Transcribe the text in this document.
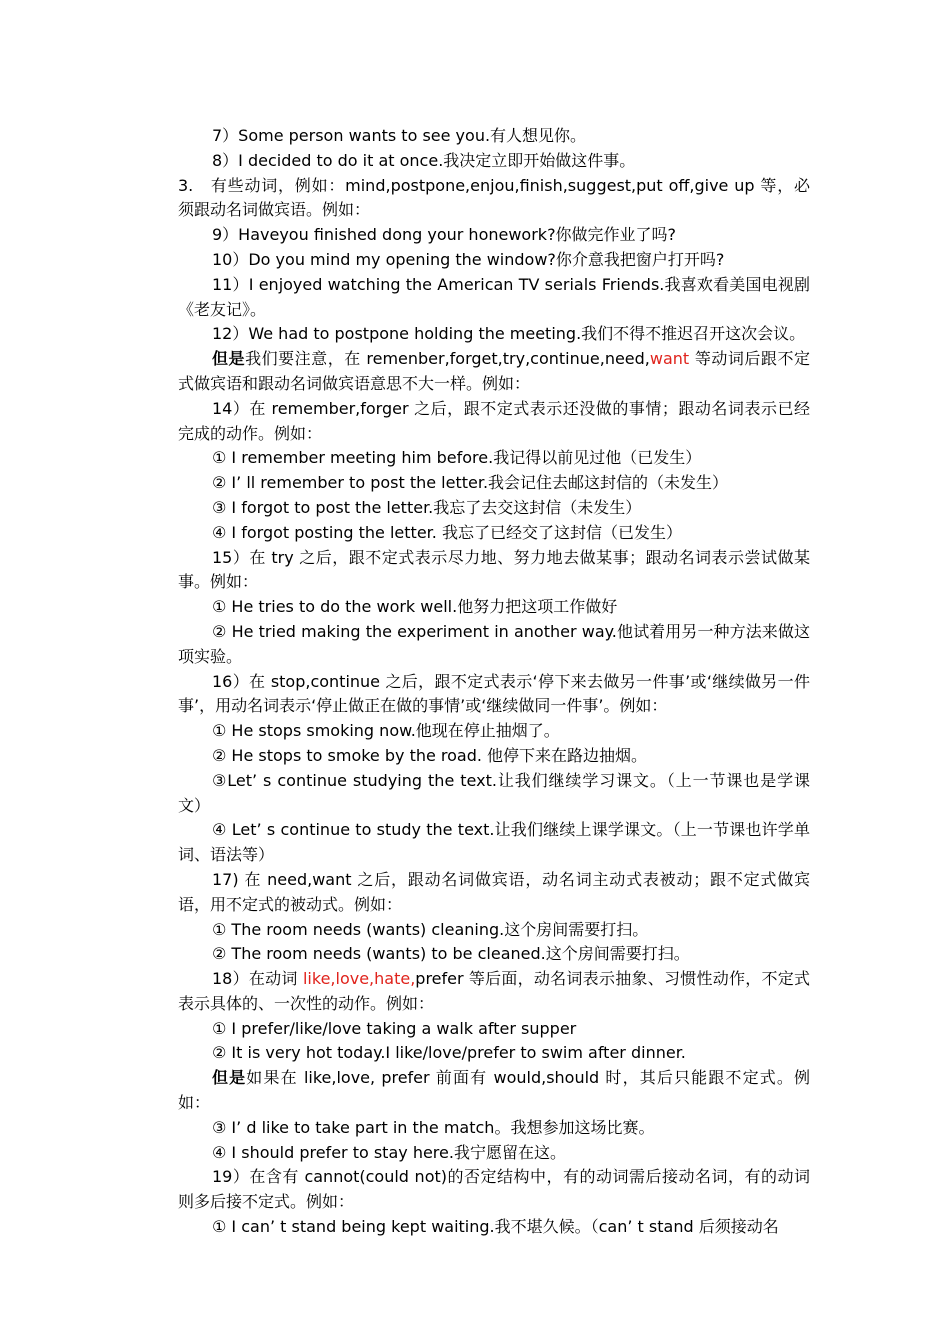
7）Some person wants to see you.有人想见你。

8）I decided to do it at once.我决定立即开始做这件事。

3.   有些动词，例如：mind,postpone,enjou,finish,suggest,put off,give up 等，必须跟动名词做宾语。例如：

9）Haveyou finished dong your honework?你做完作业了吗?

10）Do you mind my opening the window?你介意我把窗户打开吗?

11）I enjoyed watching the American TV serials Friends.我喜欢看美国电视剧《老友记》。

12）We had to postpone holding the meeting.我们不得不推迟召开这次会议。

但是我们要注意，在 remenber,forget,try,continue,need,want 等动词后跟不定式做宾语和跟动名词做宾语意思不大一样。例如：

14）在 remember,forger 之后，跟不定式表示还没做的事情；跟动名词表示已经完成的动作。例如：

① I remember meeting him before.我记得以前见过他（已发生）

② I’ ll remember to post the letter.我会记住去邮这封信的（未发生）

③ I forgot to post the letter.我忘了去交这封信（未发生）

④ I forgot posting the letter. 我忘了已经交了这封信（已发生）

15）在 try 之后，跟不定式表示尽力地、努力地去做某事；跟动名词表示尝试做某事。例如：

① He tries to do the work well.他努力把这项工作做好

② He tried making the experiment in another way.他试着用另一种方法来做这项实验。

16）在 stop,continue 之后，跟不定式表示‘停下来去做另一件事’或‘继续做另一件事’，用动名词表示‘停止做正在做的事情’或‘继续做同一件事’。例如：

① He stops smoking now.他现在停止抽烟了。

② He stops to smoke by the road. 他停下来在路边抽烟。

③Let’ s continue studying the text.让我们继续学习课文。（上一节课也是学课文）

④ Let’ s continue to study the text.让我们继续上课学课文。（上一节课也许学单词、语法等）

17) 在 need,want 之后，跟动名词做宾语，动名词主动式表被动；跟不定式做宾语，用不定式的被动式。例如：

① The room needs (wants) cleaning.这个房间需要打扫。

② The room needs (wants) to be cleaned.这个房间需要打扫。

18）在动词 like,love,hate,prefer 等后面，动名词表示抽象、习惯性动作，不定式表示具体的、一次性的动作。例如：

① I prefer/like/love taking a walk after supper

② It is very hot today.I like/love/prefer to swim after dinner.

但是如果在 like,love, prefer 前面有 would,should 时，其后只能跟不定式。例如：

③ I’ d like to take part in the match。我想参加这场比赛。

④ I should prefer to stay here.我宁愿留在这。

19）在含有 cannot(could not)的否定结构中，有的动词需后接动名词，有的动词则多后接不定式。例如：

① I can’ t stand being kept waiting.我不堪久候。（can’ t stand 后须接动名
